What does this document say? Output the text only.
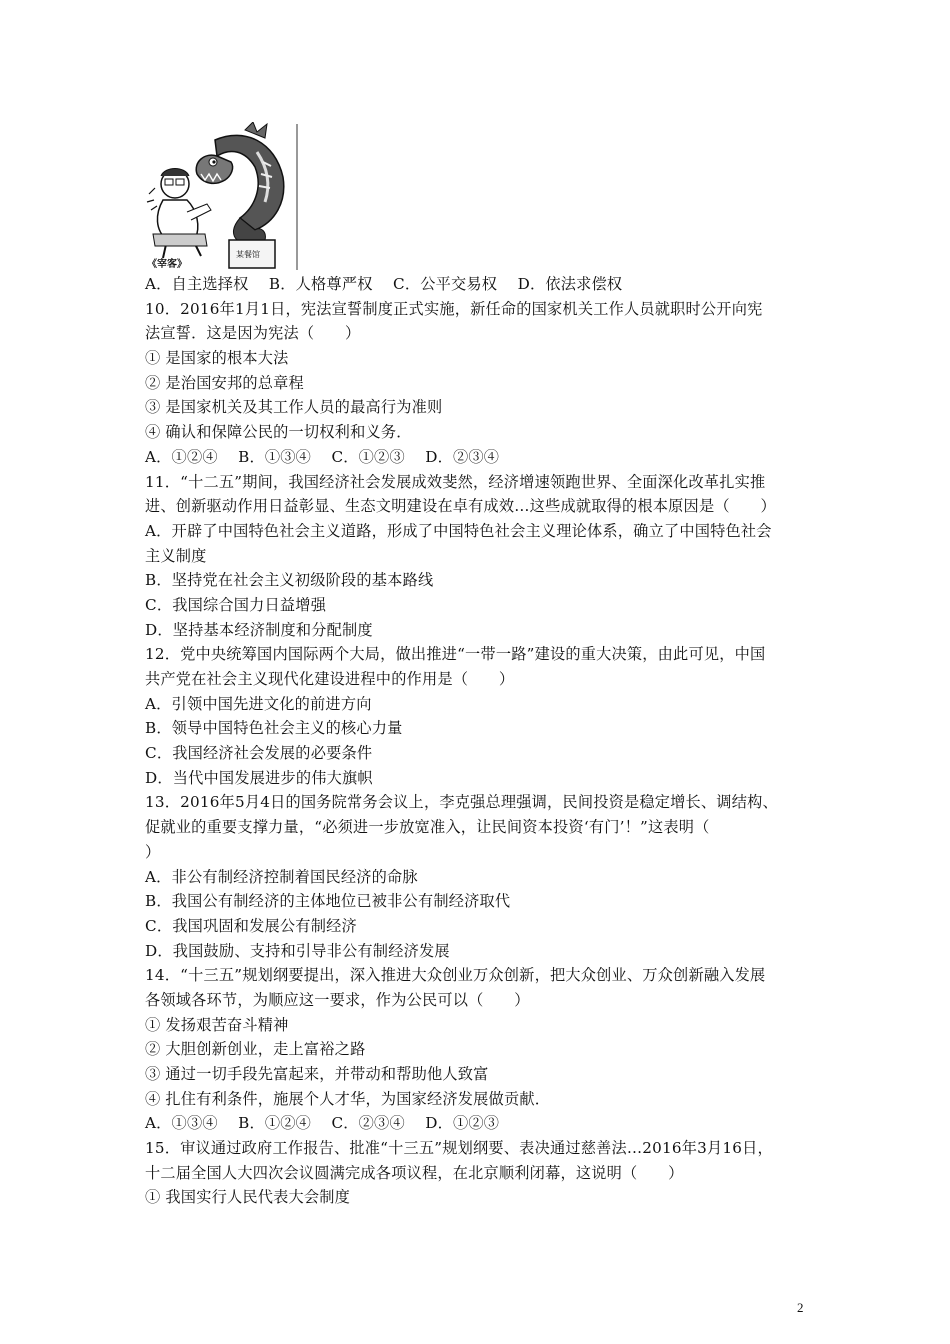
《宰客》
某餐馆
A．自主选择权　 B．人格尊严权　 C．公平交易权　 D．依法求偿权
10．2016年1月1日，宪法宣誓制度正式实施，新任命的国家机关工作人员就职时公开向宪
法宣誓．这是因为宪法（　　）
① 是国家的根本大法
② 是治国安邦的总章程
③ 是国家机关及其工作人员的最高行为准则
④ 确认和保障公民的一切权利和义务．
A．①②④　 B．①③④　 C．①②③　 D．②③④
11．“十二五”期间，我国经济社会发展成效斐然，经济增速领跑世界、全面深化改革扎实推
进、创新驱动作用日益彰显、生态文明建设在卓有成效…这些成就取得的根本原因是（　　）
A．开辟了中国特色社会主义道路，形成了中国特色社会主义理论体系，确立了中国特色社会
主义制度
B．坚持党在社会主义初级阶段的基本路线
C．我国综合国力日益增强
D．坚持基本经济制度和分配制度
12．党中央统筹国内国际两个大局，做出推进“一带一路”建设的重大决策，由此可见，中国
共产党在社会主义现代化建设进程中的作用是（　　）
A．引领中国先进文化的前进方向
B．领导中国特色社会主义的核心力量
C．我国经济社会发展的必要条件
D．当代中国发展进步的伟大旗帜
13．2016年5月4日的国务院常务会议上，李克强总理强调，民间投资是稳定增长、调结构、
促就业的重要支撑力量，“必须进一步放宽准入，让民间资本投资‘有门’！”这表明（
）
A．非公有制经济控制着国民经济的命脉
B．我国公有制经济的主体地位已被非公有制经济取代
C．我国巩固和发展公有制经济
D．我国鼓励、支持和引导非公有制经济发展
14．“十三五”规划纲要提出，深入推进大众创业万众创新，把大众创业、万众创新融入发展
各领域各环节，为顺应这一要求，作为公民可以（　　）
① 发扬艰苦奋斗精神
② 大胆创新创业，走上富裕之路
③ 通过一切手段先富起来，并带动和帮助他人致富
④ 扎住有利条件，施展个人才华，为国家经济发展做贡献．
A．①③④　 B．①②④　 C．②③④　 D．①②③
15．审议通过政府工作报告、批准“十三五”规划纲要、表决通过慈善法…2016年3月16日，
十二届全国人大四次会议圆满完成各项议程，在北京顺利闭幕，这说明（　　）
① 我国实行人民代表大会制度
2
